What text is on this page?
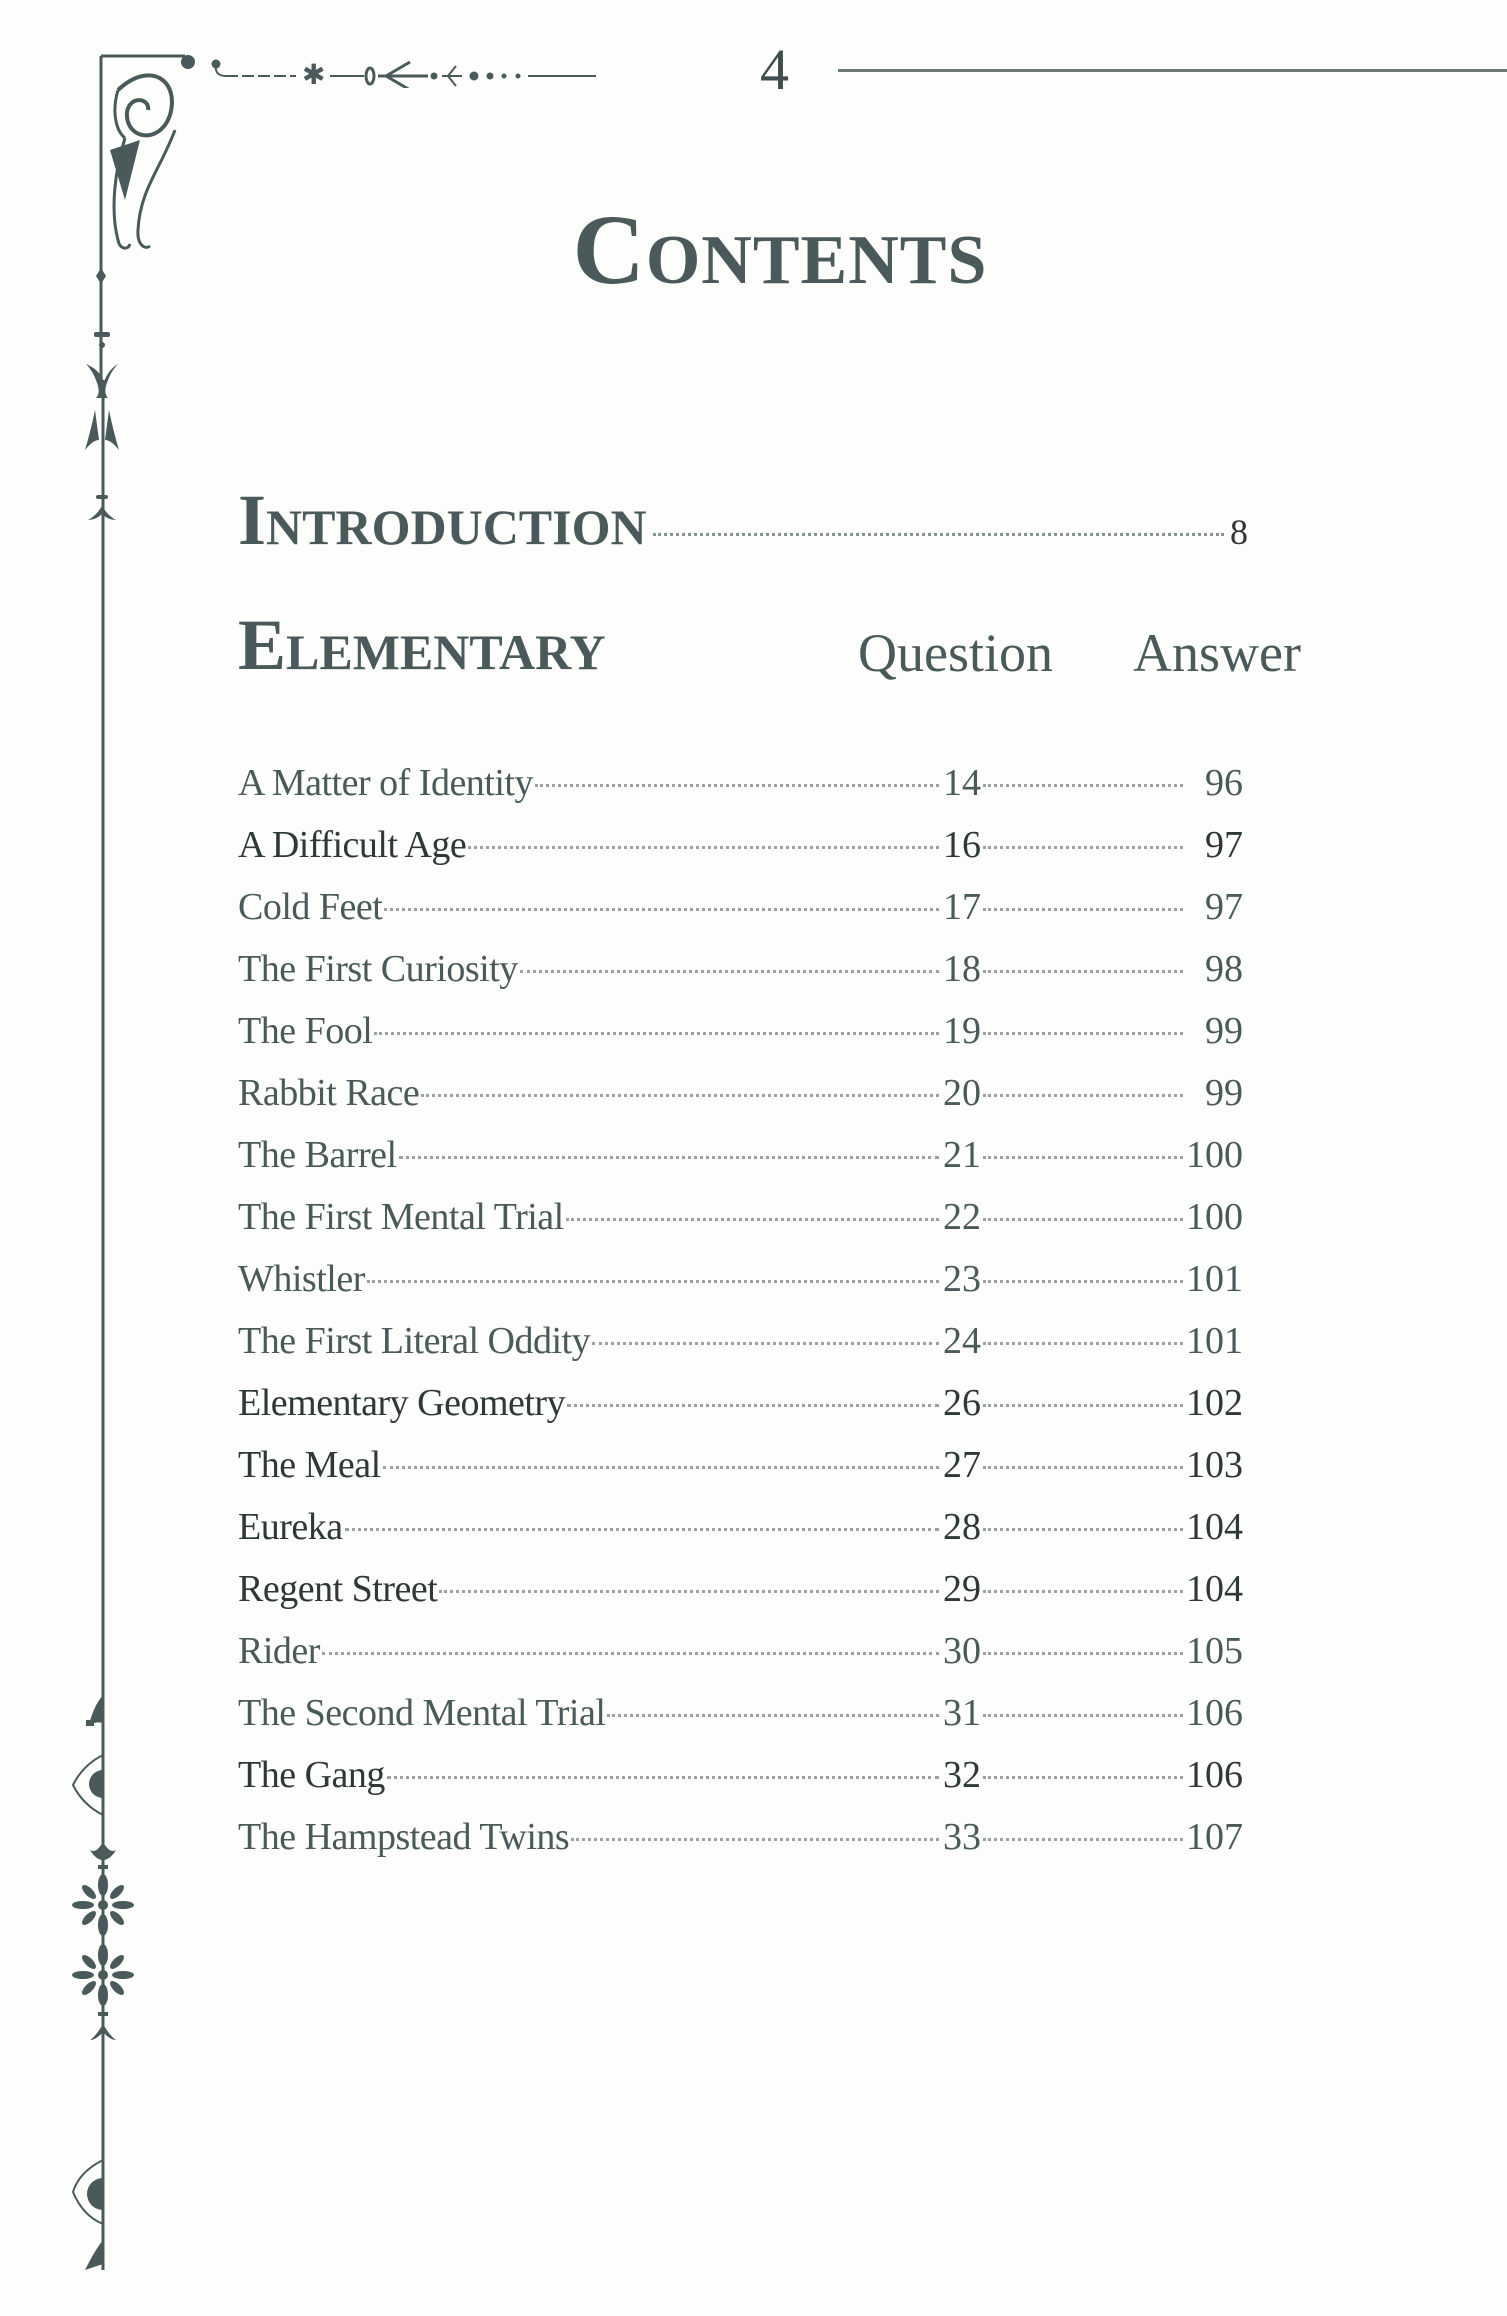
✱	4
Contents
Introduction	8
Elementary	Question Answer
A Matter of Identity	14	96
A Difficult Age	16	97
Cold Feet	17	97
The First Curiosity	18	98
The Fool	19	99
Rabbit Race	20	99
The Barrel	21	100
The First Mental Trial	22	100
Whistler	23	101
The First Literal Oddity	24	101
Elementary Geometry	26	102
The Meal	27	103
Eureka	28	104
Regent Street	29	104
Rider	30	105
The Second Mental Trial	31	106
The Gang	32	106
The Hampstead Twins	33	107
